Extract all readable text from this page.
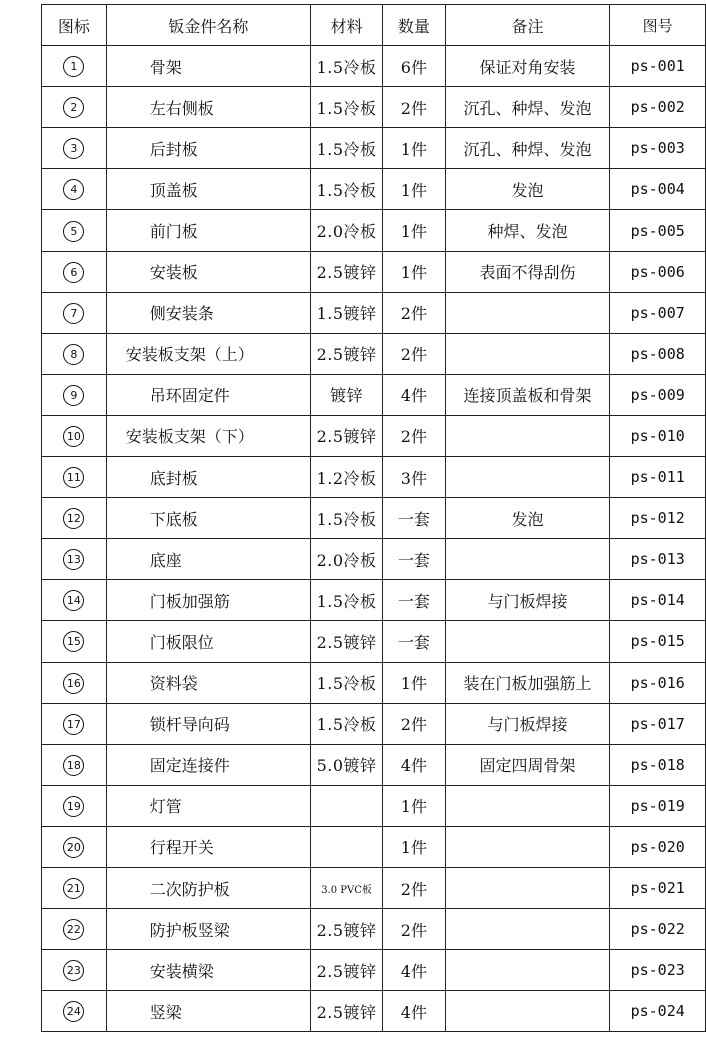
图标	钣金件名称	材料	数量	备注	图号
1	骨架	1.5冷板	6件	保证对角安装	ps-001
2	左右侧板	1.5冷板	2件	沉孔、种焊、发泡	ps-002
3	后封板	1.5冷板	1件	沉孔、种焊、发泡	ps-003
4	顶盖板	1.5冷板	1件	发泡	ps-004
5	前门板	2.0冷板	1件	种焊、发泡	ps-005
6	安装板	2.5镀锌	1件	表面不得刮伤	ps-006
7	侧安装条	1.5镀锌	2件		ps-007
8	安装板支架（上）	2.5镀锌	2件		ps-008
9	吊环固定件	镀锌	4件	连接顶盖板和骨架	ps-009
10	安装板支架（下）	2.5镀锌	2件		ps-010
11	底封板	1.2冷板	3件		ps-011
12	下底板	1.5冷板	一套	发泡	ps-012
13	底座	2.0冷板	一套		ps-013
14	门板加强筋	1.5冷板	一套	与门板焊接	ps-014
15	门板限位	2.5镀锌	一套		ps-015
16	资料袋	1.5冷板	1件	装在门板加强筋上	ps-016
17	锁杆导向码	1.5冷板	2件	与门板焊接	ps-017
18	固定连接件	5.0镀锌	4件	固定四周骨架	ps-018
19	灯管		1件		ps-019
20	行程开关		1件		ps-020
21	二次防护板	3.0 PVC板	2件		ps-021
22	防护板竖梁	2.5镀锌	2件		ps-022
23	安装横梁	2.5镀锌	4件		ps-023
24	竖梁	2.5镀锌	4件		ps-024
